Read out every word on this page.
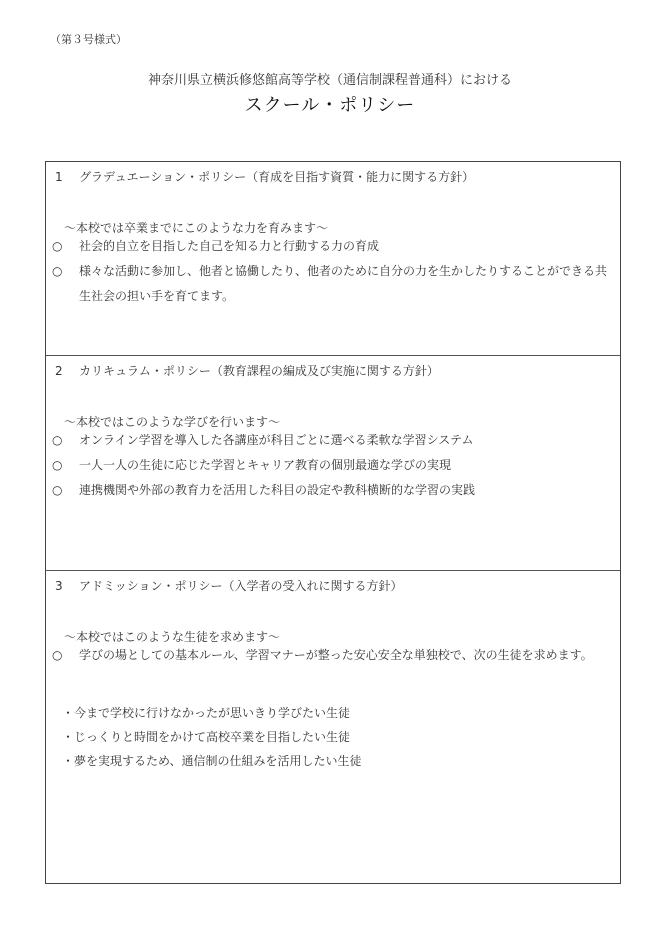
（第３号様式）
神奈川県立横浜修悠館高等学校（通信制課程普通科）における
スクール・ポリシー
1 グラデュエーション・ポリシー（育成を目指す資質・能力に関する方針）
～本校では卒業までにこのような力を育みます～
○	社会的自立を目指した自己を知る力と行動する力の育成
○	様々な活動に参加し、他者と協働したり、他者のために自分の力を生かしたりすることができる共生社会の担い手を育てます。
2 カリキュラム・ポリシー（教育課程の編成及び実施に関する方針）
～本校ではこのような学びを行います～
○	オンライン学習を導入した各講座が科目ごとに選べる柔軟な学習システム
○	一人一人の生徒に応じた学習とキャリア教育の個別最適な学びの実現
○	連携機関や外部の教育力を活用した科目の設定や教科横断的な学習の実践
3 アドミッション・ポリシー（入学者の受入れに関する方針）
～本校ではこのような生徒を求めます～
○	学びの場としての基本ルール、学習マナーが整った安心安全な単独校で、次の生徒を求めます。
・今まで学校に行けなかったが思いきり学びたい生徒
・じっくりと時間をかけて高校卒業を目指したい生徒
・夢を実現するため、通信制の仕組みを活用したい生徒
